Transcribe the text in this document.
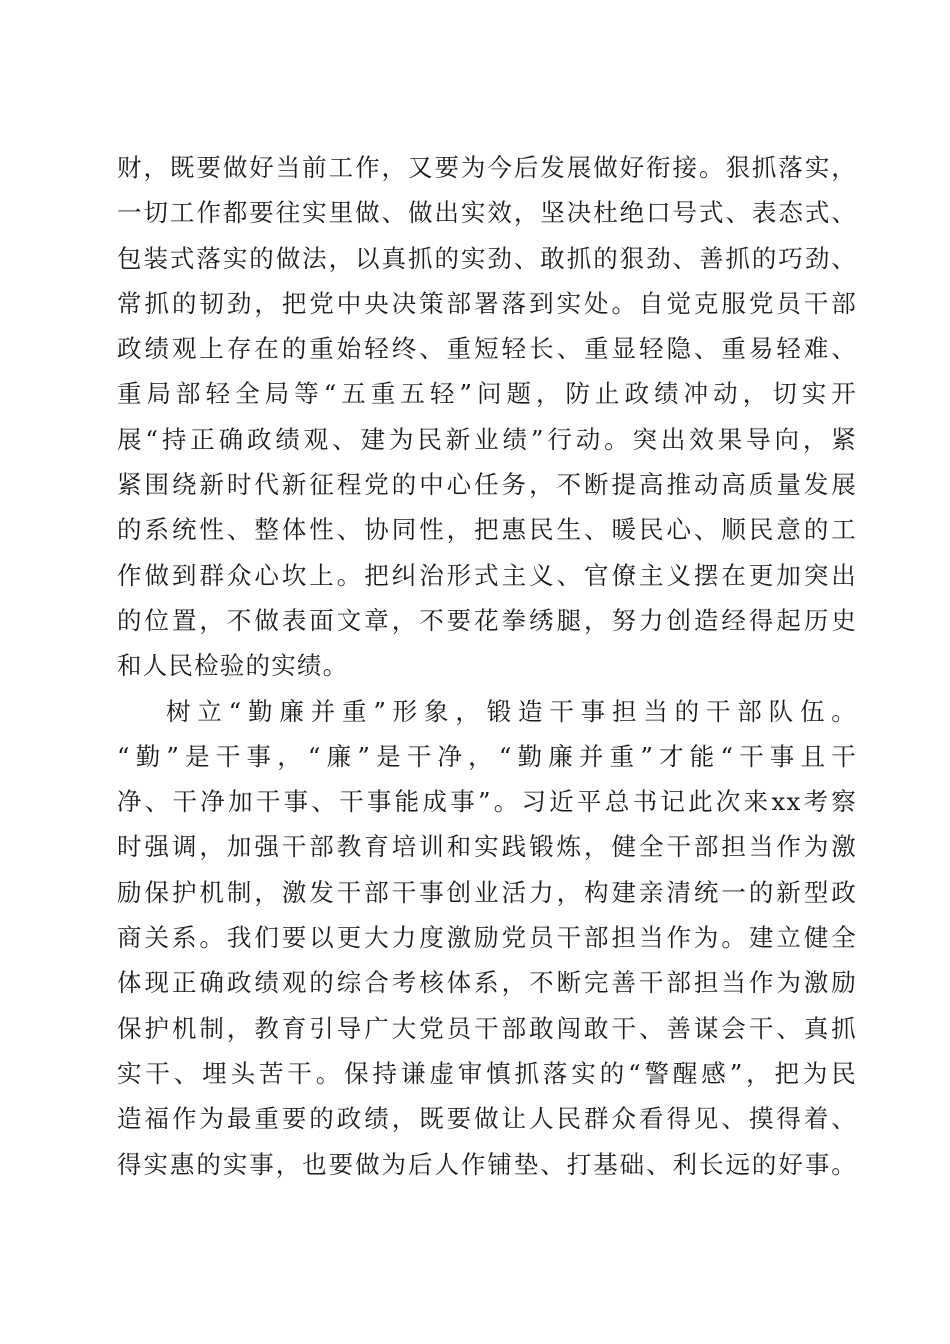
财，既要做好当前工作，又要为今后发展做好衔接。狠抓落实，
一切工作都要往实里做、做出实效，坚决杜绝口号式、表态式、
包装式落实的做法，以真抓的实劲、敢抓的狠劲、善抓的巧劲、
常抓的韧劲，把党中央决策部署落到实处。自觉克服党员干部
政绩观上存在的重始轻终、重短轻长、重显轻隐、重易轻难、
重局部轻全局等“五重五轻”问题，防止政绩冲动，切实开
展“持正确政绩观、建为民新业绩”行动。突出效果导向，紧
紧围绕新时代新征程党的中心任务，不断提高推动高质量发展
的系统性、整体性、协同性，把惠民生、暖民心、顺民意的工
作做到群众心坎上。把纠治形式主义、官僚主义摆在更加突出
的位置，不做表面文章，不要花拳绣腿，努力创造经得起历史
和人民检验的实绩。
树立“勤廉并重”形象，锻造干事担当的干部队伍。
“勤”是干事，“廉”是干净，“勤廉并重”才能“干事且干
净、干净加干事、干事能成事”。习近平总书记此次来xx考察
时强调，加强干部教育培训和实践锻炼，健全干部担当作为激
励保护机制，激发干部干事创业活力，构建亲清统一的新型政
商关系。我们要以更大力度激励党员干部担当作为。建立健全
体现正确政绩观的综合考核体系，不断完善干部担当作为激励
保护机制，教育引导广大党员干部敢闯敢干、善谋会干、真抓
实干、埋头苦干。保持谦虚审慎抓落实的“警醒感”，把为民
造福作为最重要的政绩，既要做让人民群众看得见、摸得着、
得实惠的实事，也要做为后人作铺垫、打基础、利长远的好事。
